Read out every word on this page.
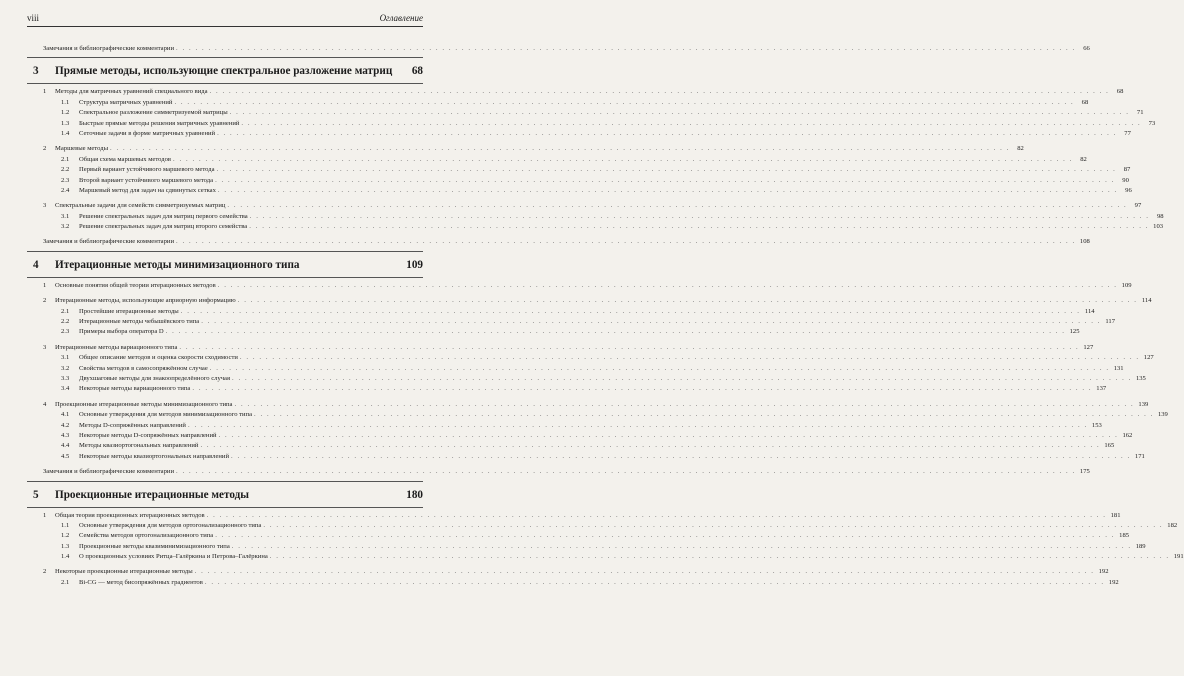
viii	Оглавление
Замечания и библиографические комментарии . . .	66
3	Прямые методы, использующие спектральное разложение матриц	68
1	Методы для матричных уравнений специального вида . . .	68
1.1	Структура матричных уравнений . . .	68
1.2	Спектральное разложение симметризуемой матрицы . . .	71
1.3	Быстрые прямые методы решения матричных уравнений . . .	73
1.4	Сеточные задачи в форме матричных уравнений . . .	77
2	Маршевые методы . . .	82
2.1	Общая схема маршевых методов . . .	82
2.2	Первый вариант устойчивого маршевого метода . . .	87
2.3	Второй вариант устойчивого маршевого метода . . .	90
2.4	Маршевый метод для задач на сдвинутых сетках . . .	96
3	Спектральные задачи для семейств симметризуемых матриц . . .	97
3.1	Решение спектральных задач для матриц первого семейства . . .	98
3.2	Решение спектральных задач для матриц второго семейства . . .	103
Замечания и библиографические комментарии . . .	108
4	Итерационные методы минимизационного типа	109
1	Основные понятия общей теории итерационных методов . . .	109
2	Итерационные методы, использующие априорную информацию . . .	114
2.1	Простейшие итерационные методы . . .	114
2.2	Итерационные методы чебышёвского типа . . .	117
2.3	Примеры выбора оператора D . . .	125
3	Итерационные методы вариационного типа . . .	127
3.1	Общее описание методов и оценка скорости сходимости . . .	127
3.2	Свойства методов в самосопряжённом случае . . .	131
3.3	Двухшаговые методы для знакоопределённого случая . . .	135
3.4	Некоторые методы вариационного типа . . .	137
4	Проекционные итерационные методы минимизационного типа . . .	139
4.1	Основные утверждения для методов минимизационного типа . . .	139
4.2	Методы D-сопряжённых направлений . . .	153
4.3	Некоторые методы D-сопряжённых направлений . . .	162
4.4	Методы квазиортогональных направлений . . .	165
4.5	Некоторые методы квазиортогональных направлений . . .	171
Замечания и библиографические комментарии . . .	175
5	Проекционные итерационные методы	180
1	Общая теория проекционных итерационных методов . . .	181
1.1	Основные утверждения для методов ортогонализационного типа . . .	182
1.2	Семейства методов ортогонализационного типа . . .	185
1.3	Проекционные методы квазиминимизационного типа . . .	189
1.4	О проекционных условиях Ритца–Галёркина и Петрова–Галёркина . . .	191
2	Некоторые проекционные итерационные методы . . .	192
2.1	Bi-CG — метод бисопряжённых градиентов . . .	192
